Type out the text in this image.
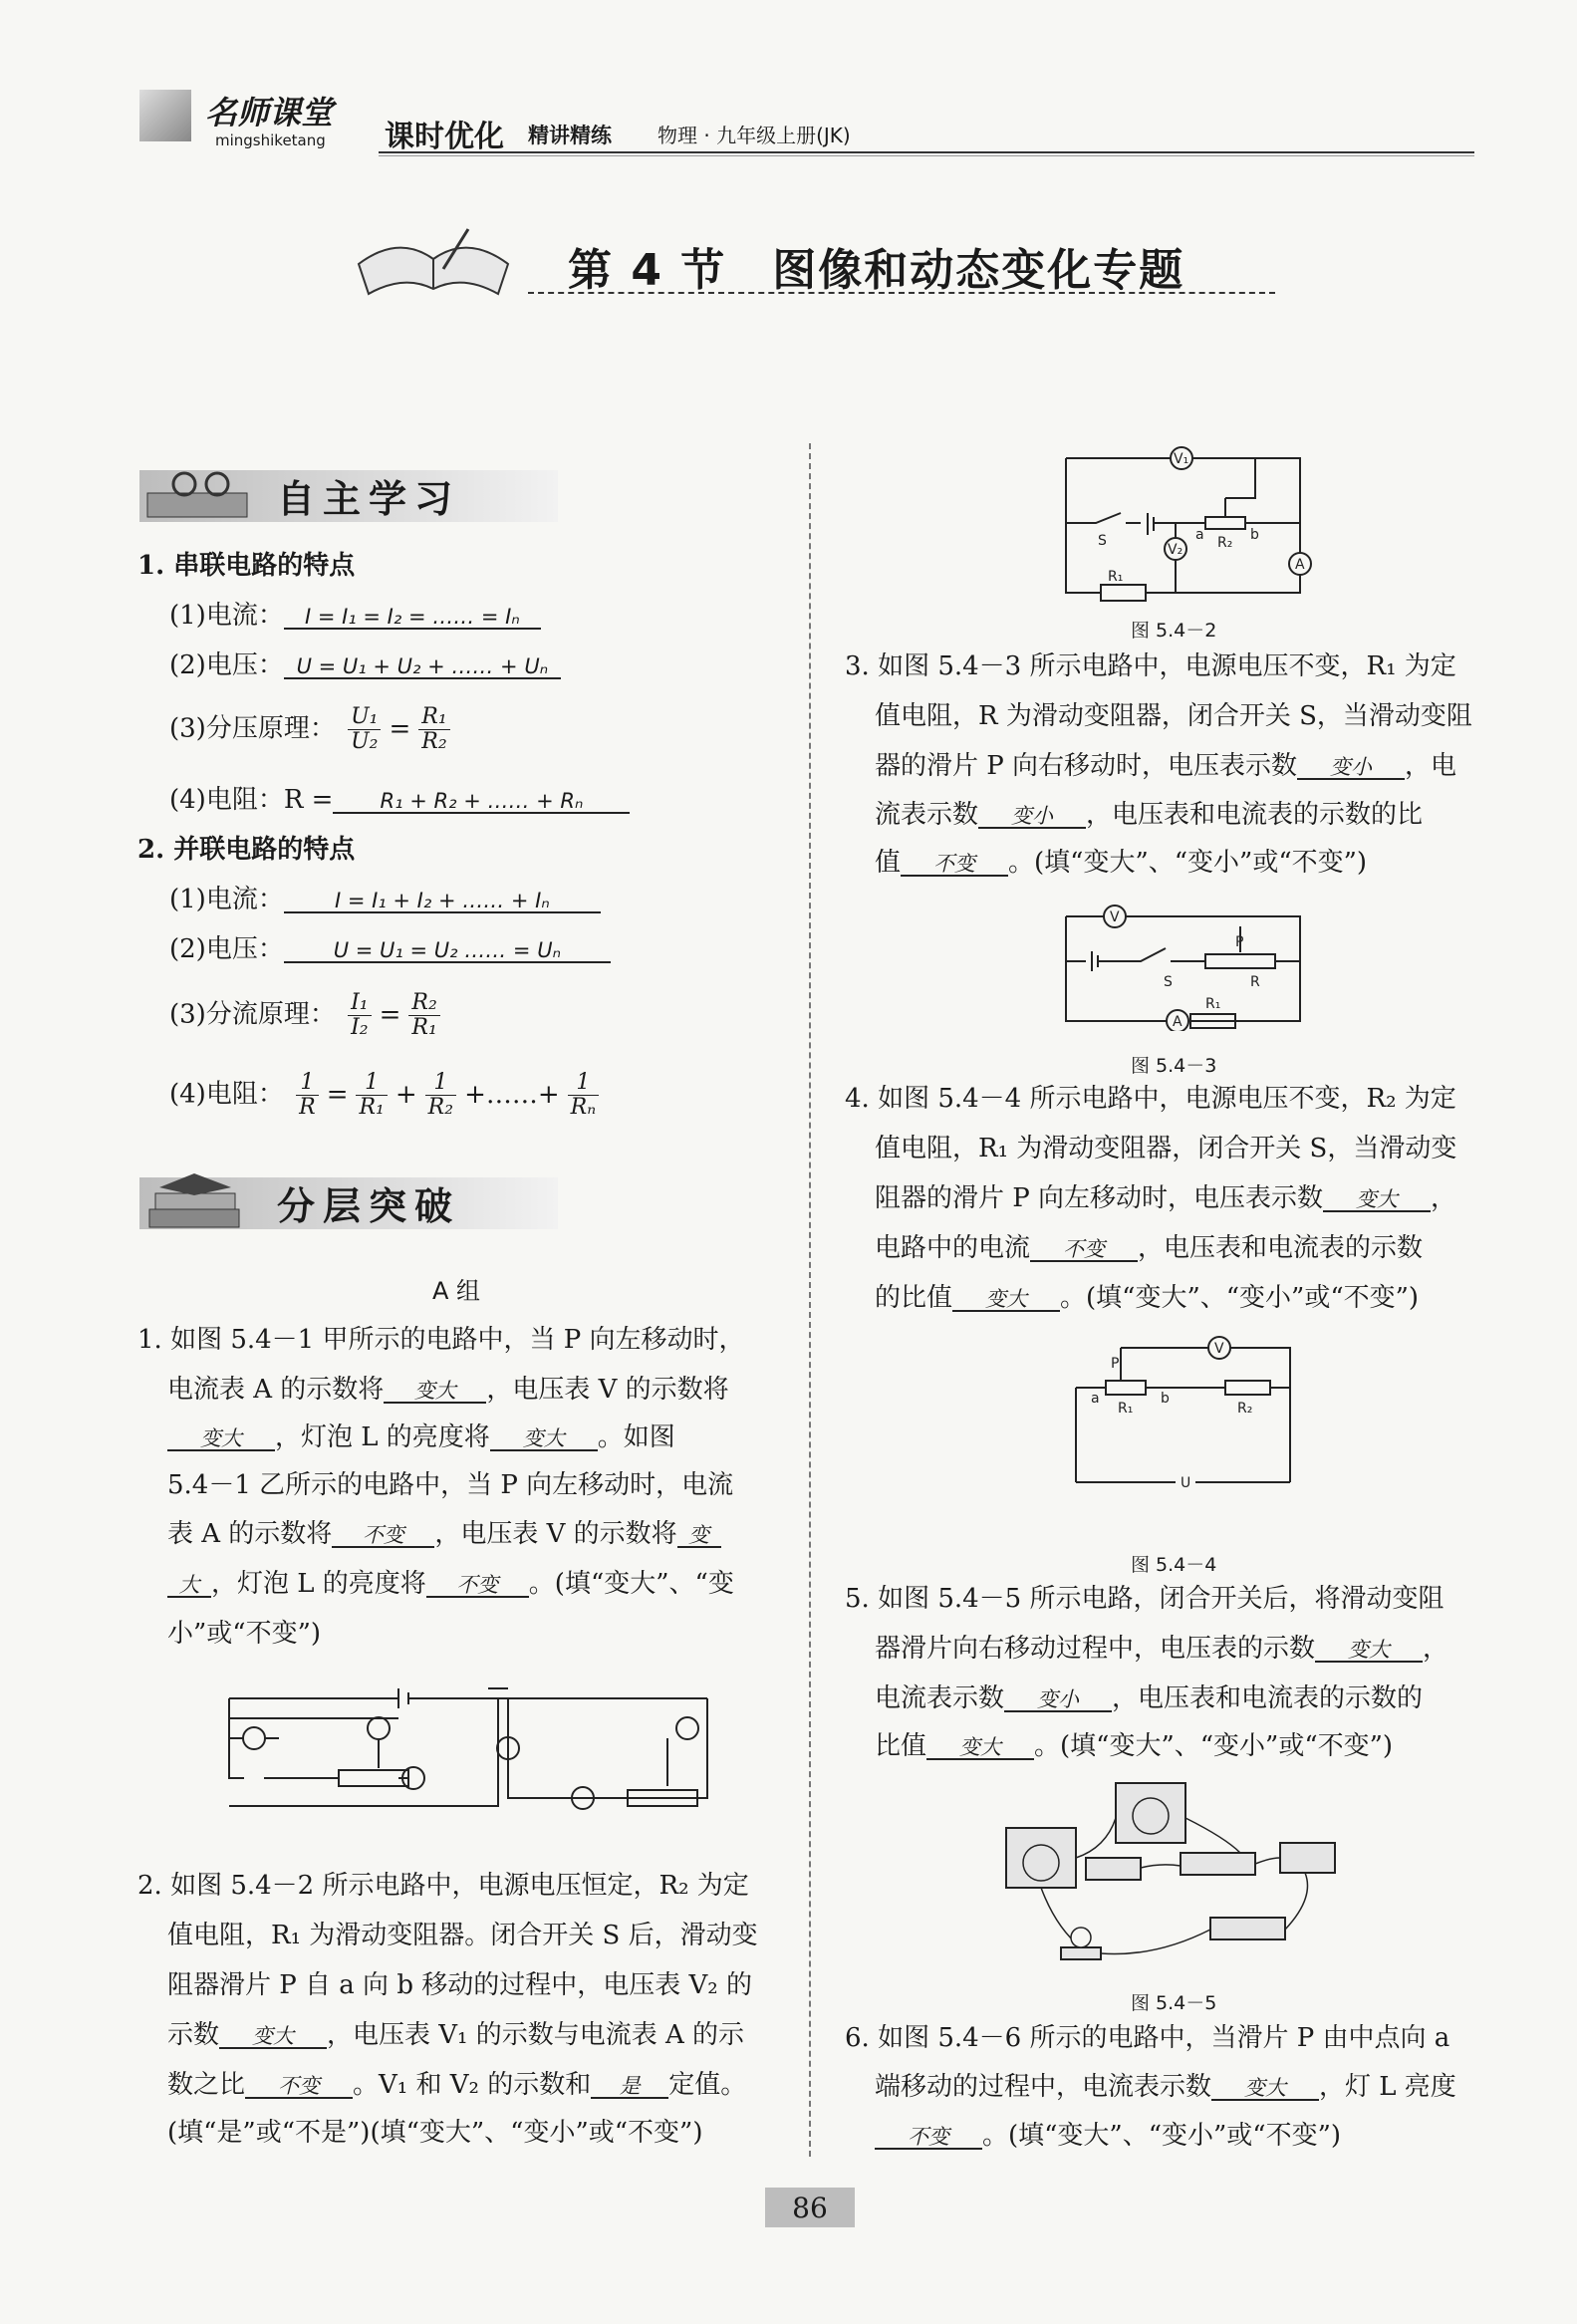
名师课堂
mingshiketang 课时优化 精讲精练 物理 · 九年级上册(JK)
第 4 节　图像和动态变化专题
自主学习
1. 串联电路的特点
(1)电流： I = I₁ = I₂ = …… = Iₙ
(2)电压： U = U₁ + U₂ + …… + Uₙ
(3)分压原理： $\frac{\text{U₁}}{\text{U₂}} = \frac{\text{R₁}}{\text{R₂}}$
(4)电阻：R = R₁ + R₂ + …… + Rₙ
2. 并联电路的特点
(1)电流： I = I₁ + I₂ + …… + Iₙ
(2)电压： U = U₁ = U₂ …… = Uₙ
(3)分流原理： $\frac{\text{I₁}}{\text{I₂}} = \frac{\text{R₂}}{\text{R₁}}$
(4)电阻： $\frac{1}{R} = \frac{1}{\text{R₁}} + \frac{1}{\text{R₂}}$ +……+ $\frac{1}{\text{Rₙ}}$
分层突破
A 组
1. 如图 5.4－1 甲所示的电路中，当 P 向左移动时，
电流表 A 的示数将 变大 ，电压表 V 的示数将
变大 ，灯泡 L 的亮度将 变大 。如图
5.4－1 乙所示的电路中，当 P 向左移动时，电流
表 A 的示数将 不变 ，电压表 V 的示数将 变
大 ，灯泡 L 的亮度将 不变 。(填“变大”、“变
小”或“不变”)
2. 如图 5.4－2 所示电路中，电源电压恒定，R₂ 为定
值电阻，R₁ 为滑动变阻器。闭合开关 S 后，滑动变
阻器滑片 P 自 a 向 b 移动的过程中，电压表 V₂ 的
示数 变大 ，电压表 V₁ 的示数与电流表 A 的示
数之比 不变 。V₁ 和 V₂ 的示数和 是 定值。
(填“是”或“不是”)(填“变大”、“变小”或“不变”)
V₁
V₂
A
S
R₁
R₂
a	b
图 5.4－2
3. 如图 5.4－3 所示电路中，电源电压不变，R₁ 为定
值电阻，R 为滑动变阻器，闭合开关 S，当滑动变阻
器的滑片 P 向右移动时，电压表示数 变小 ，电
流表示数 变小 ，电压表和电流表的示数的比
值 不变 。(填“变大”、“变小”或“不变”)
V
A
S
P
R
R₁
图 5.4－3
4. 如图 5.4－4 所示电路中，电源电压不变，R₂ 为定
值电阻，R₁ 为滑动变阻器，闭合开关 S，当滑动变
阻器的滑片 P 向左移动时，电压表示数 变大 ，
电路中的电流 不变 ，电压表和电流表的示数
的比值 变大 。(填“变大”、“变小”或“不变”)
V
P
a	b
R₁	R₂
U
图 5.4－4
5. 如图 5.4－5 所示电路，闭合开关后，将滑动变阻
器滑片向右移动过程中，电压表的示数 变大 ，
电流表示数 变小 ，电压表和电流表的示数的
比值 变大 。(填“变大”、“变小”或“不变”)
图 5.4－5
6. 如图 5.4－6 所示的电路中，当滑片 P 由中点向 a
端移动的过程中，电流表示数 变大 ，灯 L 亮度
不变 。(填“变大”、“变小”或“不变”)
86
